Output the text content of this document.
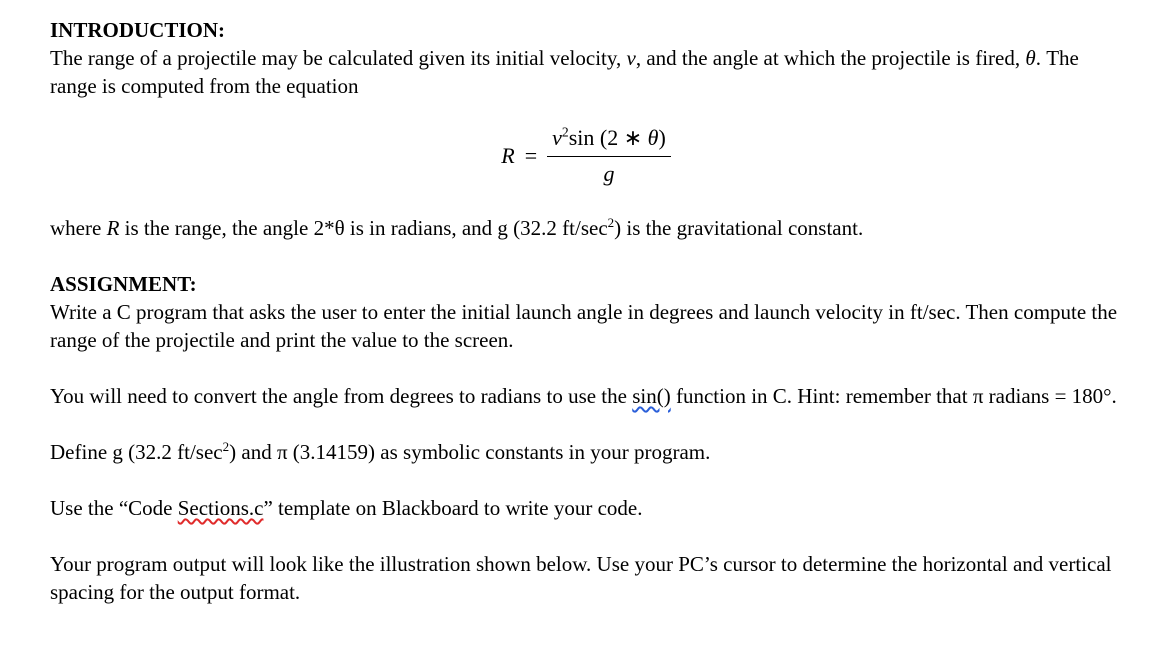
INTRODUCTION:

The range of a projectile may be calculated given its initial velocity, v, and the angle at which the projectile is fired, θ. The range is computed from the equation

$R = \frac{v^2\sin (2 ∗ \theta)}{g}$

where R is the range, the angle 2*θ is in radians, and g (32.2 $ft/\sec^2$) is the gravitational constant.

ASSIGNMENT:

Write a C program that asks the user to enter the initial launch angle in degrees and launch velocity in ft/sec. Then compute the range of the projectile and print the value to the screen.

You will need to convert the angle from degrees to radians to use the sin() function in C. Hint: remember that π radians = 180°.

Define g (32.2 $ft/\sec^2$) and π (3.14159) as symbolic constants in your program.

Use the “Code Sections.c” template on Blackboard to write your code.

Your program output will look like the illustration shown below. Use your PC’s cursor to determine the horizontal and vertical spacing for the output format.
